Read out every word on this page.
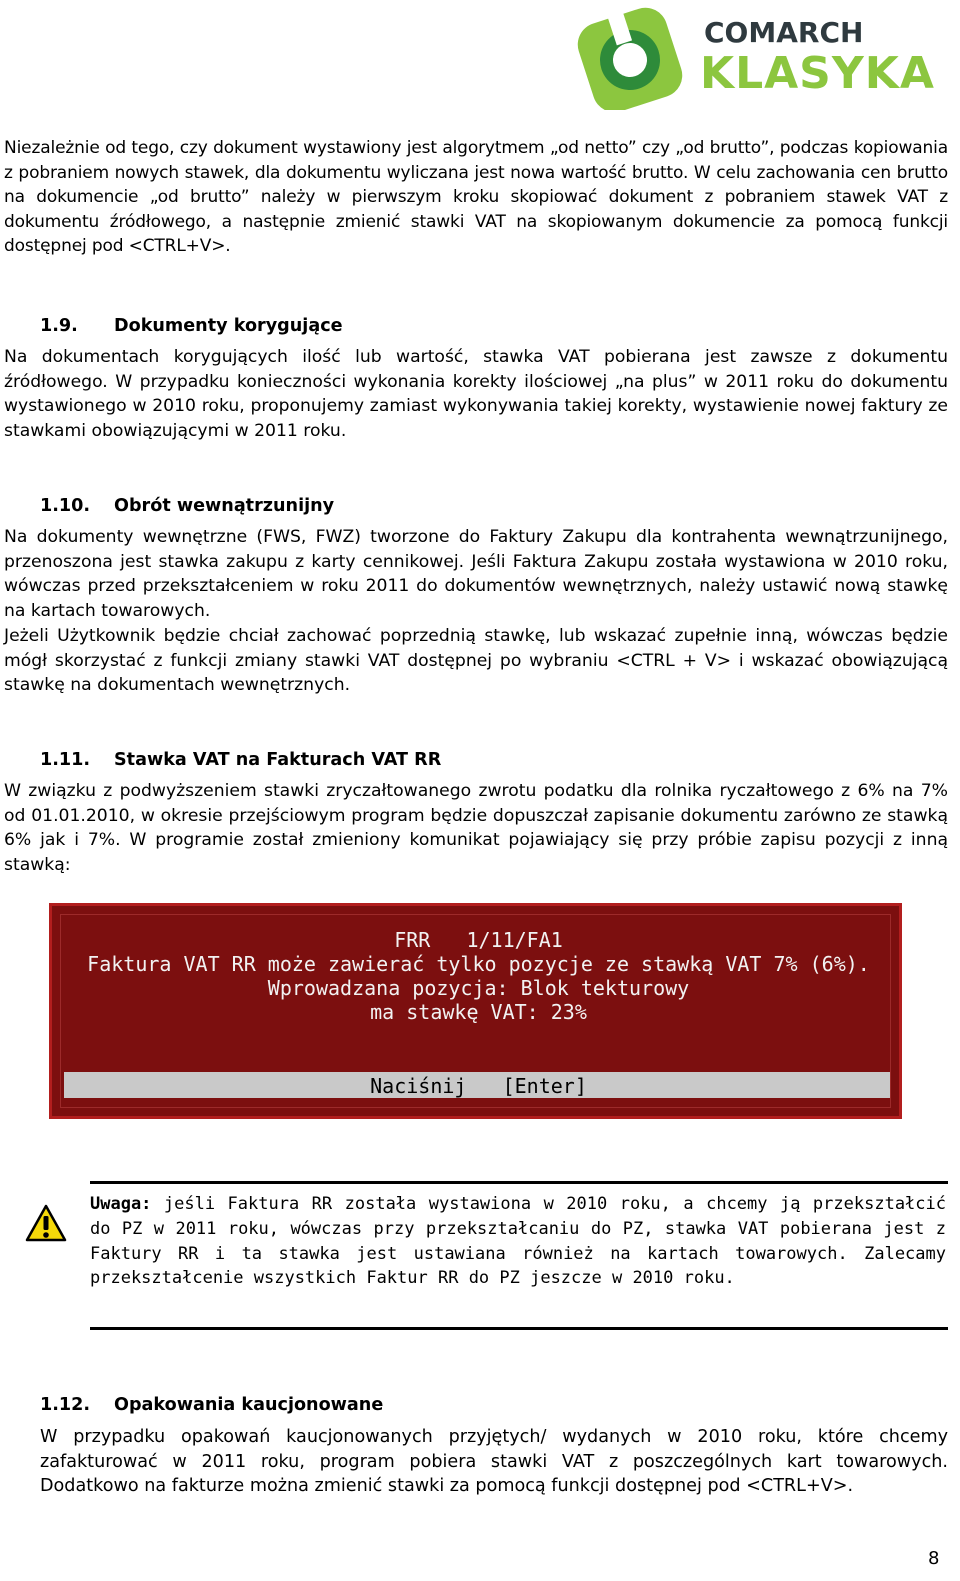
COMARCH
KLASYKA

Niezależnie od tego, czy dokument wystawiony jest algorytmem „od netto” czy „od brutto”, podczas kopiowania z pobraniem nowych stawek, dla dokumentu wyliczana jest nowa wartość brutto. W celu zachowania cen brutto na dokumencie „od brutto” należy w pierwszym kroku skopiować dokument z pobraniem stawek VAT z dokumentu źródłowego, a następnie zmienić stawki VAT na skopiowanym dokumencie za pomocą funkcji dostępnej pod <CTRL+V>.

1.9. Dokumenty korygujące

Na dokumentach korygujących ilość lub wartość, stawka VAT pobierana jest zawsze z dokumentu źródłowego. W przypadku konieczności wykonania korekty ilościowej „na plus” w 2011 roku do dokumentu wystawionego w 2010 roku, proponujemy zamiast wykonywania takiej korekty, wystawienie nowej faktury ze stawkami obowiązującymi w 2011 roku.

1.10. Obrót wewnątrzunijny

Na dokumenty wewnętrzne (FWS, FWZ) tworzone do Faktury Zakupu dla kontrahenta wewnątrzunijnego, przenoszona jest stawka zakupu z karty cennikowej. Jeśli Faktura Zakupu została wystawiona w 2010 roku, wówczas przed przekształceniem w roku 2011 do dokumentów wewnętrznych, należy ustawić nową stawkę na kartach towarowych.

Jeżeli Użytkownik będzie chciał zachować poprzednią stawkę, lub wskazać zupełnie inną, wówczas będzie mógł skorzystać z funkcji zmiany stawki VAT dostępnej po wybraniu <CTRL + V> i wskazać obowiązującą stawkę na dokumentach wewnętrznych.

1.11. Stawka VAT na Fakturach VAT RR

W związku z podwyższeniem stawki zryczałtowanego zwrotu podatku dla rolnika ryczałtowego z 6% na 7% od 01.01.2010, w okresie przejściowym program będzie dopuszczał zapisanie dokumentu zarówno ze stawką 6% jak i 7%. W programie został zmieniony komunikat pojawiający się przy próbie zapisu pozycji z inną stawką:

FRR   1/11/FA1
Faktura VAT RR może zawierać tylko pozycje ze stawką VAT 7% (6%).
Wprowadzana pozycja: Blok tekturowy
ma stawkę VAT: 23%
Naciśnij   [Enter]

Uwaga: jeśli Faktura RR została wystawiona w 2010 roku, a chcemy ją przekształcić do PZ w 2011 roku, wówczas przy przekształcaniu do PZ, stawka VAT pobierana jest z Faktury RR i ta stawka jest ustawiana również na kartach towarowych. Zalecamy przekształcenie wszystkich Faktur RR do PZ jeszcze w 2010 roku.

1.12. Opakowania kaucjonowane

W przypadku opakowań kaucjonowanych przyjętych/ wydanych w 2010 roku, które chcemy zafakturować w 2011 roku, program pobiera stawki VAT z poszczególnych kart towarowych. Dodatkowo na fakturze można zmienić stawki za pomocą funkcji dostępnej pod <CTRL+V>.

8
